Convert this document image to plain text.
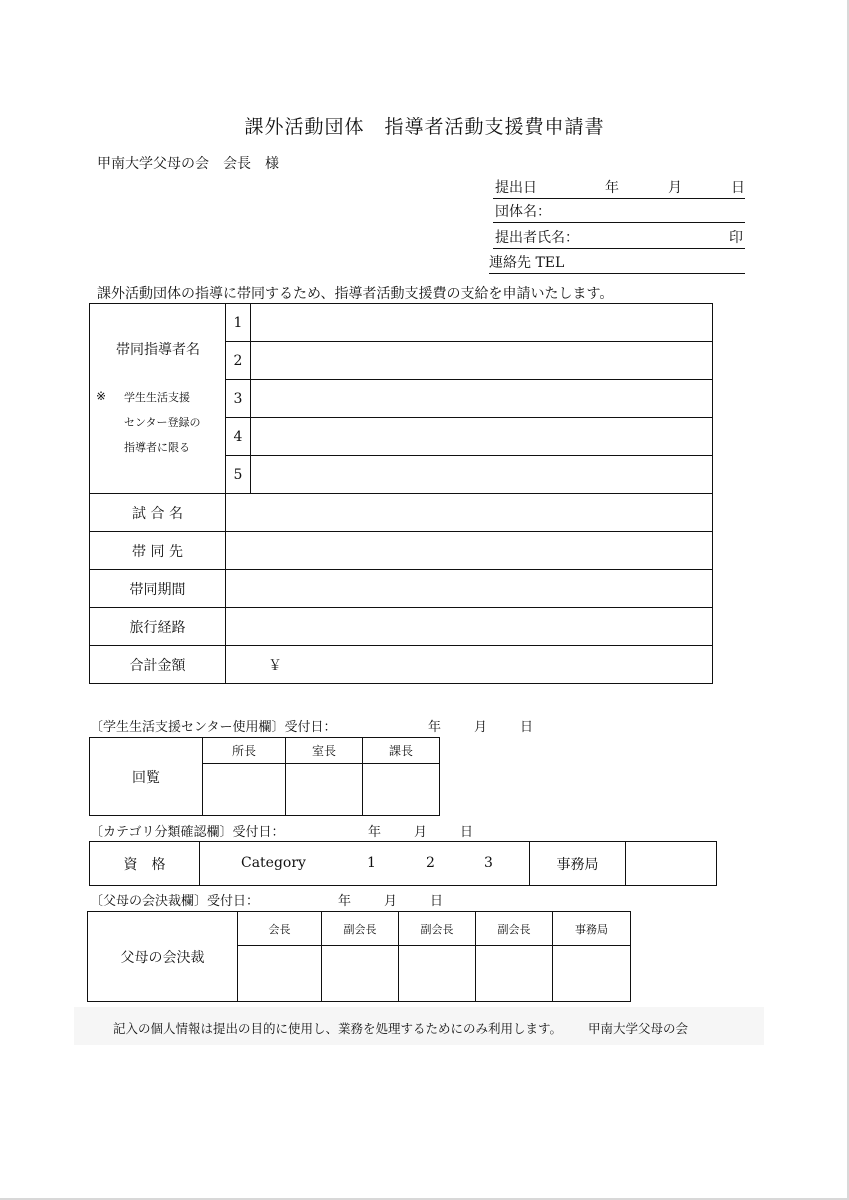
課外活動団体　指導者活動支援費申請書
甲南大学父母の会　会長　様
提出日	年	月	日
団体名：
提出者氏名：	印
連絡先 TEL
課外活動団体の指導に帯同するため、指導者活動支援費の支給を申請いたします。
帯同指導者名
※ 学生生活支援
センター登録の
指導者に限る	1	
	2	
	3	
	4	
	5	
試 合 名		
帯 同 先		
帯同期間		
旅行経路		
合計金額	￥	
〔学生生活支援センター使用欄〕受付日：	年	月	日
回覧	所長	室長	課長

〔カテゴリ分類確認欄〕受付日：	年	月	日
資　格	Category	1	2	3	事務局	
〔父母の会決裁欄〕受付日：	年	月	日
父母の会決裁	会長	副会長	副会長	副会長	事務局

記入の個人情報は提出の目的に使用し、業務を処理するためにのみ利用します。 甲南大学父母の会
